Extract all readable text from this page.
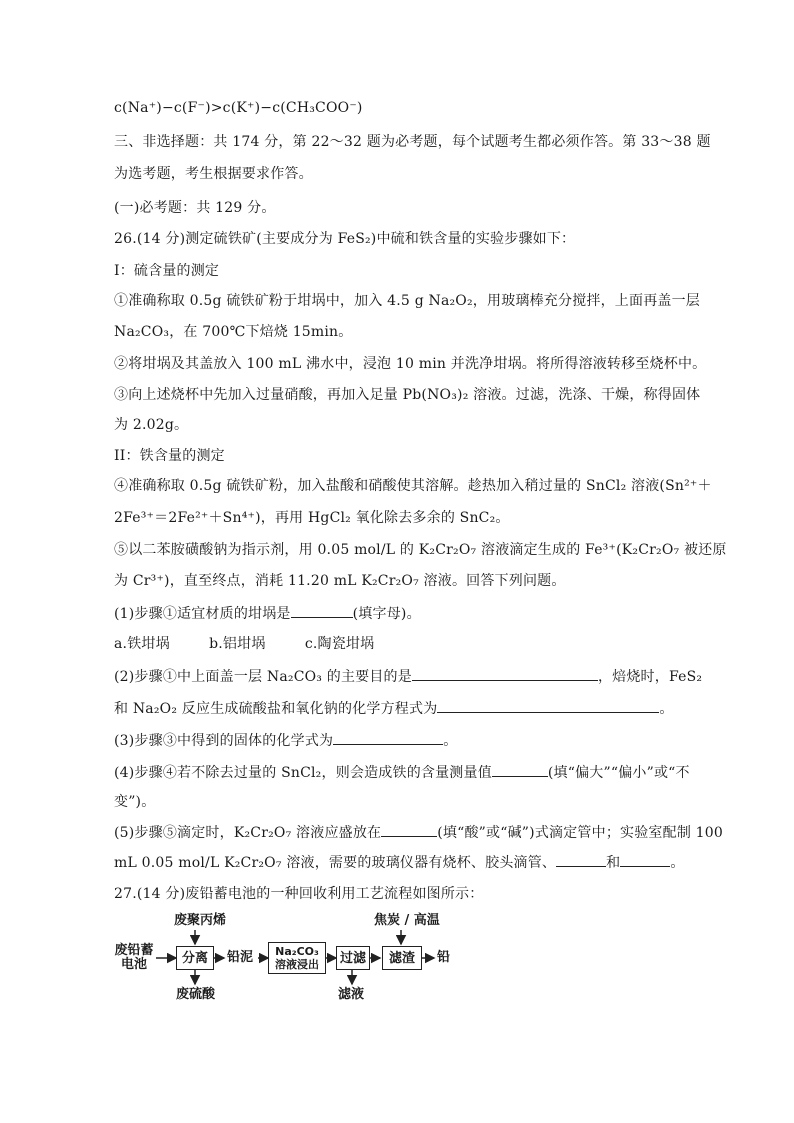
c(Na⁺)−c(F⁻)>c(K⁺)−c(CH₃COO⁻)
三、非选择题：共 174 分，第 22～32 题为必考题，每个试题考生都必须作答。第 33～38 题
为选考题，考生根据要求作答。
(一)必考题：共 129 分。
26.(14 分)测定硫铁矿(主要成分为 FeS₂)中硫和铁含量的实验步骤如下：
I：硫含量的测定
①准确称取 0.5g 硫铁矿粉于坩埚中，加入 4.5 g Na₂O₂，用玻璃棒充分搅拌，上面再盖一层
Na₂CO₃，在 700℃下焙烧 15min。
②将坩埚及其盖放入 100 mL 沸水中，浸泡 10 min 并洗净坩埚。将所得溶液转移至烧杯中。
③向上述烧杯中先加入过量硝酸，再加入足量 Pb(NO₃)₂ 溶液。过滤，洗涤、干燥，称得固体
为 2.02g。
II：铁含量的测定
④准确称取 0.5g 硫铁矿粉，加入盐酸和硝酸使其溶解。趁热加入稍过量的 SnCl₂ 溶液(Sn²⁺＋
2Fe³⁺＝2Fe²⁺＋Sn⁴⁺)，再用 HgCl₂ 氧化除去多余的 SnC₂。
⑤以二苯胺磺酸钠为指示剂，用 0.05 mol/L 的 K₂Cr₂O₇ 溶液滴定生成的 Fe³⁺(K₂Cr₂O₇ 被还原
为 Cr³⁺)，直至终点，消耗 11.20 mL K₂Cr₂O₇ 溶液。回答下列问题。
(1)步骤①适宜材质的坩埚是	(填字母)。
a.铁坩埚	b.铝坩埚	c.陶瓷坩埚
(2)步骤①中上面盖一层 Na₂CO₃ 的主要目的是	，焙烧时，FeS₂
和 Na₂O₂ 反应生成硫酸盐和氧化钠的化学方程式为	。
(3)步骤③中得到的固体的化学式为	。
(4)步骤④若不除去过量的 SnCl₂，则会造成铁的含量测量值	(填“偏大”“偏小”或“不
变”)。
(5)步骤⑤滴定时，K₂Cr₂O₇ 溶液应盛放在	(填“酸”或“碱”)式滴定管中；实验室配制 100
mL 0.05 mol/L K₂Cr₂O₇ 溶液，需要的玻璃仪器有烧杯、胶头滴管、	和	。
27.(14 分)废铅蓄电池的一种回收利用工艺流程如图所示：
废铅蓄
电池
废聚丙烯
分离
废硫酸
铅泥 Na₂CO₃
溶液浸出	过滤
滤液
焦炭 / 高温
滤渣	铅
